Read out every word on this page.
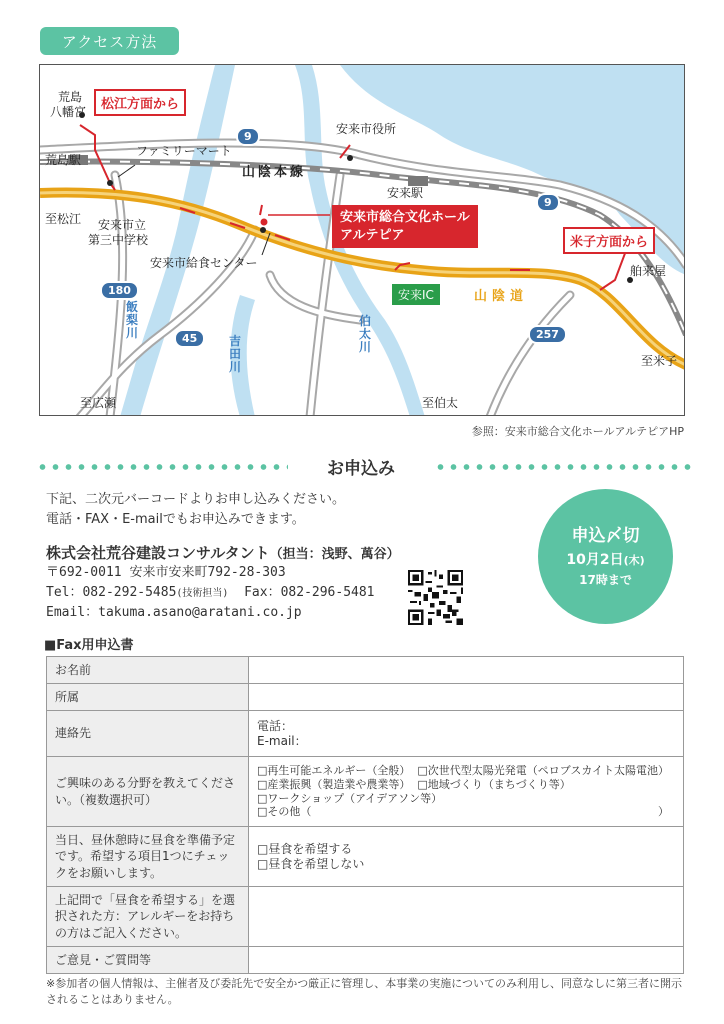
アクセス方法
荒島
八幡宮	松江方面から
荒島駅
ファミリーマート
山陰本線
安来市役所
安来駅
至松江 安来市立
第三中学校
安来市総合文化ホール
アルテピア
安来市給食センター
米子方面から
舶来屋
安来IC	山陰道
9
9
180
45	257
飯梨川
吉田川
伯太川
至米子
至広瀬	至伯太
参照：安来市総合文化ホールアルテピアHP
お申込み
下記、二次元バーコードよりお申し込みください。
電話・FAX・E-mailでもお申込みできます。
株式会社荒谷建設コンサルタント（担当：浅野、萬谷）
〒692-0011 安来市安来町792-28-303
Tel：082-292-5485(技術担当) Fax：082-296-5481
Email：takuma.asano@aratani.co.jp
申込〆切
10月2日(木)
17時まで
■Fax用申込書
お名前	
所属	
連絡先	電話：
E-mail：

ご興味のある分野を教えてください。（複数選択可）	□再生可能エネルギー（全般） □次世代型太陽光発電（ペロブスカイト太陽電池）
□産業振興（製造業や農業等） □地域づくり（まちづくり等）
□ワークショップ（アイデアソン等）
□その他（ ）

当日、昼休憩時に昼食を準備予定です。希望する項目1つにチェックをお願いします。	□昼食を希望する
□昼食を希望しない

上記問で「昼食を希望する」を選択された方：アレルギーをお持ちの方はご記入ください。	
ご意見・ご質問等	
※参加者の個人情報は、主催者及び委託先で安全かつ厳正に管理し、本事業の実施についてのみ利用し、同意なしに第三者に開示されることはありません。
